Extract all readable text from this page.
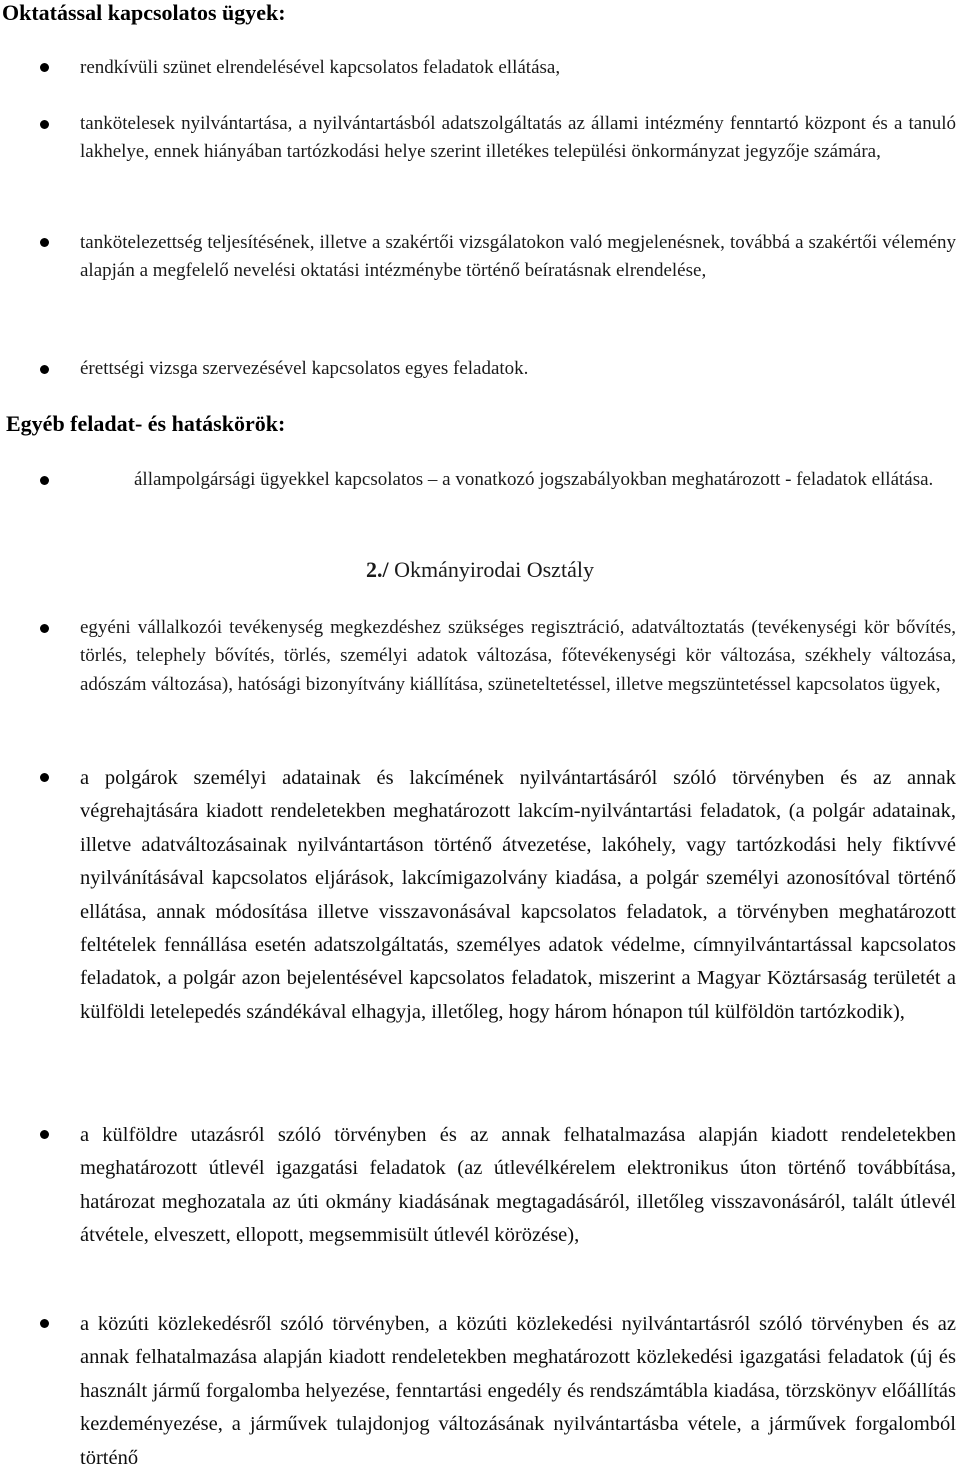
Oktatással kapcsolatos ügyek:
rendkívüli szünet elrendelésével kapcsolatos feladatok ellátása,
tankötelesek nyilvántartása, a nyilvántartásból adatszolgáltatás az állami intézmény fenntartó központ és a tanuló lakhelye, ennek hiányában tartózkodási helye szerint illetékes települési önkormányzat jegyzője számára,
tankötelezettség teljesítésének, illetve a szakértői vizsgálatokon való megjelenésnek, továbbá a szakértői vélemény alapján a megfelelő nevelési oktatási intézménybe történő beíratásnak elrendelése,
érettségi vizsga szervezésével kapcsolatos egyes feladatok.
Egyéb feladat- és hatáskörök:
állampolgársági ügyekkel kapcsolatos – a vonatkozó jogszabályokban meghatározott - feladatok ellátása.
2./ Okmányirodai Osztály
egyéni vállalkozói tevékenység megkezdéshez szükséges regisztráció, adatváltoztatás (tevékenységi kör bővítés, törlés, telephely bővítés, törlés, személyi adatok változása, főtevékenységi kör változása, székhely változása, adószám változása), hatósági bizonyítvány kiállítása, szüneteltetéssel, illetve megszüntetéssel kapcsolatos ügyek,
a polgárok személyi adatainak és lakcímének nyilvántartásáról szóló törvényben és az annak végrehajtására kiadott rendeletekben meghatározott lakcím-nyilvántartási feladatok, (a polgár adatainak, illetve adatváltozásainak nyilvántartáson történő átvezetése, lakóhely, vagy tartózkodási hely fiktívvé nyilvánításával kapcsolatos eljárások, lakcímigazolvány kiadása, a polgár személyi azonosítóval történő ellátása, annak módosítása illetve visszavonásával kapcsolatos feladatok, a törvényben meghatározott feltételek fennállása esetén adatszolgáltatás, személyes adatok védelme, címnyilvántartással kapcsolatos feladatok, a polgár azon bejelentésével kapcsolatos feladatok, miszerint a Magyar Köztársaság területét a külföldi letelepedés szándékával elhagyja, illetőleg, hogy három hónapon túl külföldön tartózkodik),
a külföldre utazásról szóló törvényben és az annak felhatalmazása alapján kiadott rendeletekben meghatározott útlevél igazgatási feladatok (az útlevélkérelem elektronikus úton történő továbbítása, határozat meghozatala az úti okmány kiadásának megtagadásáról, illetőleg visszavonásáról, talált útlevél átvétele, elveszett, ellopott, megsemmisült útlevél körözése),
a közúti közlekedésről szóló törvényben, a közúti közlekedési nyilvántartásról szóló törvényben és az annak felhatalmazása alapján kiadott rendeletekben meghatározott közlekedési igazgatási feladatok (új és használt jármű forgalomba helyezése, fenntartási engedély és rendszámtábla kiadása, törzskönyv előállítás kezdeményezése, a járművek tulajdonjog változásának nyilvántartásba vétele, a járművek forgalomból történő
